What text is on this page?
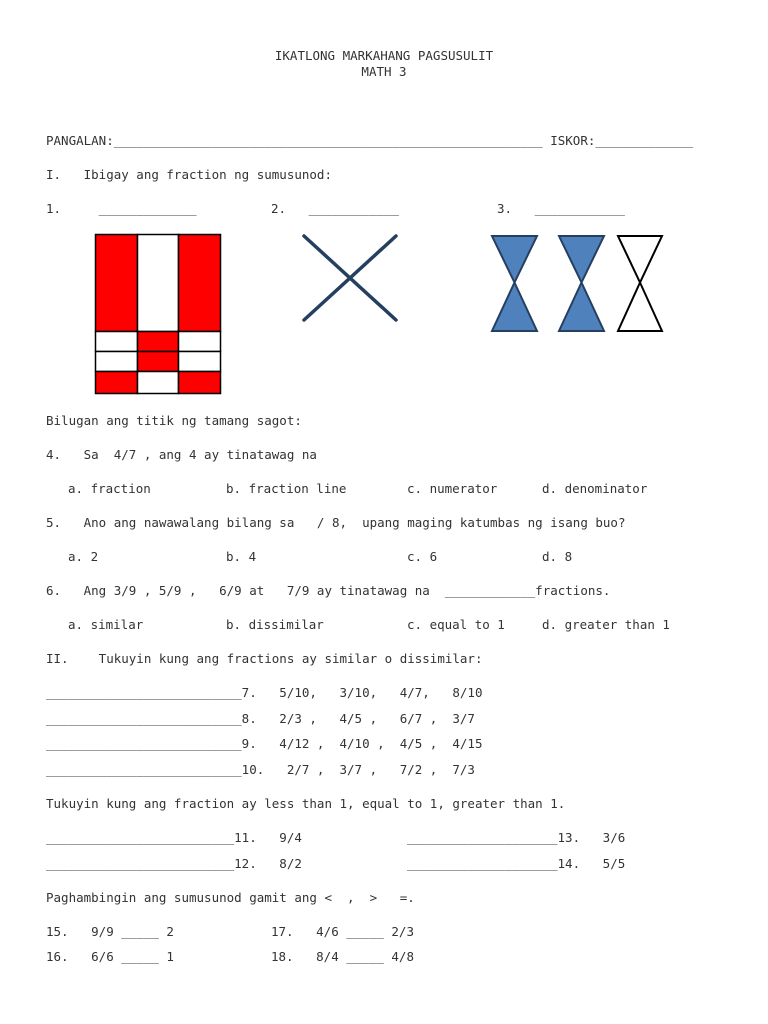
IKATLONG MARKAHANG PAGSUSULIT
MATH 3
PANGALAN:_________________________________________________________ ISKOR:_____________
I.   Ibigay ang fraction ng sumusunod:
1.     _____________	2.   ____________	3.   ____________
Bilugan ang titik ng tamang sagot:
4.   Sa  4/7 , ang 4 ay tinatawag na
a. fraction	b. fraction line	c. numerator	d. denominator
5.   Ano ang nawawalang bilang sa   / 8,  upang maging katumbas ng isang buo?
a. 2	b. 4	c. 6	d. 8
6.   Ang 3/9 , 5/9 ,   6/9 at   7/9 ay tinatawag na  ____________fractions.
a. similar	b. dissimilar	c. equal to 1	d. greater than 1
II.    Tukuyin kung ang fractions ay similar o dissimilar:
__________________________7.   5/10,   3/10,   4/7,   8/10
__________________________8.   2/3 ,   4/5 ,   6/7 ,  3/7
__________________________9.   4/12 ,  4/10 ,  4/5 ,  4/15
__________________________10.   2/7 ,  3/7 ,   7/2 ,  7/3
Tukuyin kung ang fraction ay less than 1, equal to 1, greater than 1.
_________________________11.   9/4	____________________13.   3/6
_________________________12.   8/2	____________________14.   5/5
Paghambingin ang sumusunod gamit ang <  ,  >   =.
15.   9/9 _____ 2	17.   4/6 _____ 2/3
16.   6/6 _____ 1	18.   8/4 _____ 4/8
